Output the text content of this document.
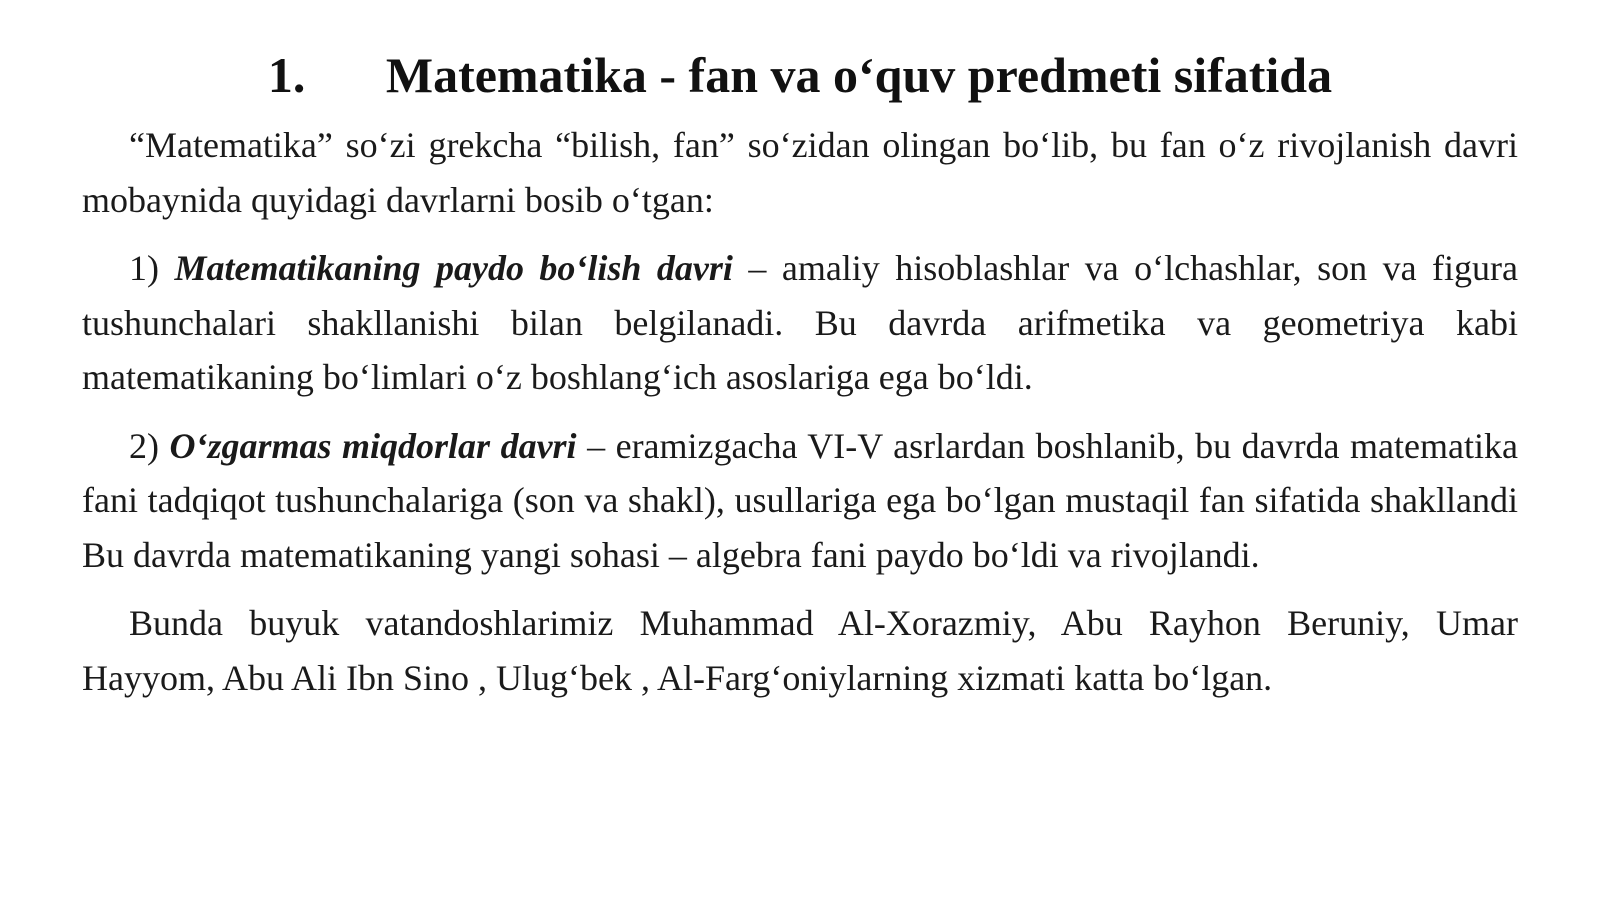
1.	Matematika - fan va o‘quv predmeti sifatida

“Matematika” so‘zi grekcha “bilish, fan” so‘zidan olingan bo‘lib, bu fan o‘z rivojlanish davri mobaynida quyidagi davrlarni bosib o‘tgan:

1) Matematikaning paydo bo‘lish davri – amaliy hisoblashlar va o‘lchashlar, son va figura tushunchalari shakllanishi bilan belgilanadi. Bu davrda arifmetika va geometriya kabi matematikaning bo‘limlari o‘z boshlang‘ich asoslariga ega bo‘ldi.

2) O‘zgarmas miqdorlar davri – eramizgacha VI-V asrlardan boshlanib, bu davrda matematika fani tadqiqot tushunchalariga (son va shakl), usullariga ega bo‘lgan mustaqil fan sifatida shakllandi Bu davrda matematikaning yangi sohasi – algebra fani paydo bo‘ldi va rivojlandi.

Bunda buyuk vatandoshlarimiz Muhammad Al-Xorazmiy, Abu Rayhon Beruniy, Umar Hayyom, Abu Ali Ibn Sino , Ulug‘bek , Al-Farg‘oniylarning xizmati katta bo‘lgan.
